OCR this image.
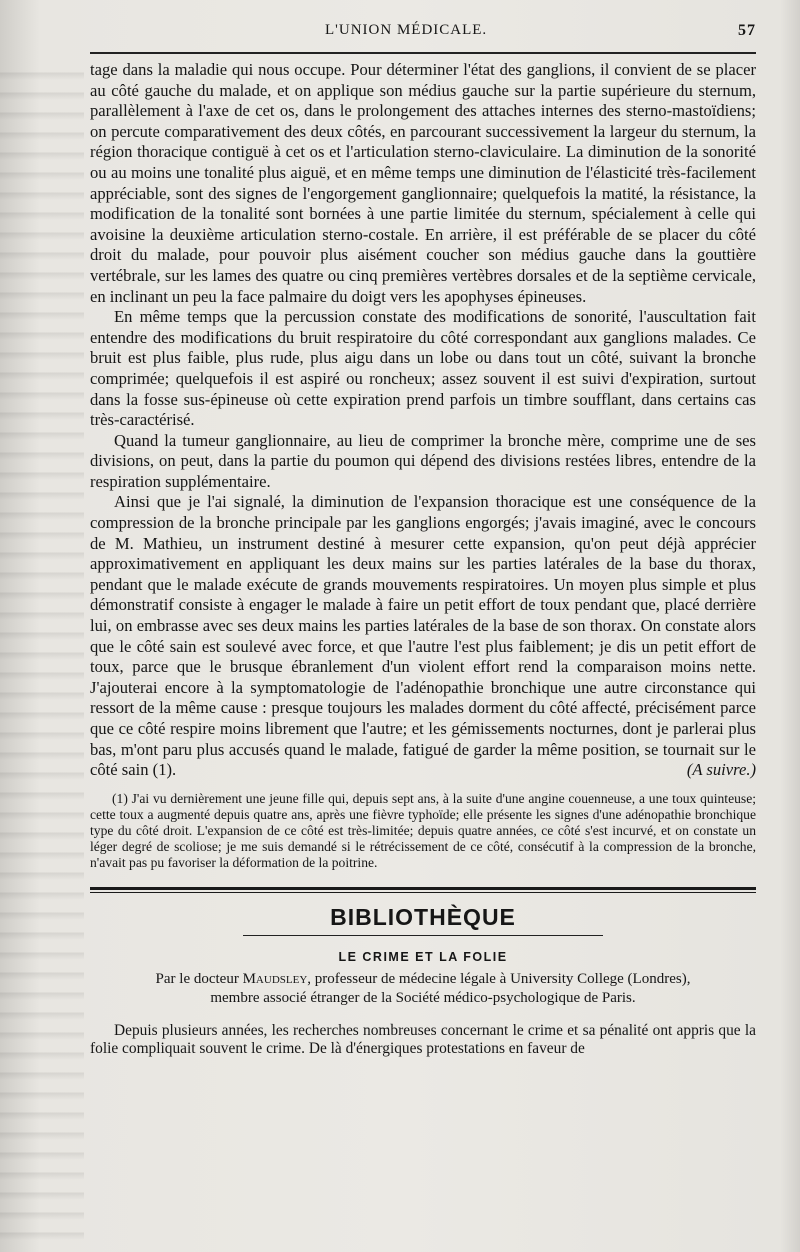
L'UNION MÉDICALE.	57

tage dans la maladie qui nous occupe. Pour déterminer l'état des ganglions, il convient de se placer au côté gauche du malade, et on applique son médius gauche sur la partie supérieure du sternum, parallèlement à l'axe de cet os, dans le prolongement des attaches internes des sterno-mastoïdiens; on percute comparativement des deux côtés, en parcourant successivement la largeur du sternum, la région thoracique contiguë à cet os et l'articulation sterno-claviculaire. La diminution de la sonorité ou au moins une tonalité plus aiguë, et en même temps une diminution de l'élasticité très-facilement appréciable, sont des signes de l'engorgement ganglionnaire; quelquefois la matité, la résistance, la modification de la tonalité sont bornées à une partie limitée du sternum, spécialement à celle qui avoisine la deuxième articulation sterno-costale. En arrière, il est préférable de se placer du côté droit du malade, pour pouvoir plus aisément coucher son médius gauche dans la gouttière vertébrale, sur les lames des quatre ou cinq premières vertèbres dorsales et de la septième cervicale, en inclinant un peu la face palmaire du doigt vers les apophyses épineuses.

En même temps que la percussion constate des modifications de sonorité, l'auscultation fait entendre des modifications du bruit respiratoire du côté correspondant aux ganglions malades. Ce bruit est plus faible, plus rude, plus aigu dans un lobe ou dans tout un côté, suivant la bronche comprimée; quelquefois il est aspiré ou roncheux; assez souvent il est suivi d'expiration, surtout dans la fosse sus-épineuse où cette expiration prend parfois un timbre soufflant, dans certains cas très-caractérisé.

Quand la tumeur ganglionnaire, au lieu de comprimer la bronche mère, comprime une de ses divisions, on peut, dans la partie du poumon qui dépend des divisions restées libres, entendre de la respiration supplémentaire.

Ainsi que je l'ai signalé, la diminution de l'expansion thoracique est une conséquence de la compression de la bronche principale par les ganglions engorgés; j'avais imaginé, avec le concours de M. Mathieu, un instrument destiné à mesurer cette expansion, qu'on peut déjà apprécier approximativement en appliquant les deux mains sur les parties latérales de la base du thorax, pendant que le malade exécute de grands mouvements respiratoires. Un moyen plus simple et plus démonstratif consiste à engager le malade à faire un petit effort de toux pendant que, placé derrière lui, on embrasse avec ses deux mains les parties latérales de la base de son thorax. On constate alors que le côté sain est soulevé avec force, et que l'autre l'est plus faiblement; je dis un petit effort de toux, parce que le brusque ébranlement d'un violent effort rend la comparaison moins nette. J'ajouterai encore à la symptomatologie de l'adénopathie bronchique une autre circonstance qui ressort de la même cause : presque toujours les malades dorment du côté affecté, précisément parce que ce côté respire moins librement que l'autre; et les gémissements nocturnes, dont je parlerai plus bas, m'ont paru plus accusés quand le malade, fatigué de garder la même position, se tournait sur le côté sain (1).	(A suivre.)

(1) J'ai vu dernièrement une jeune fille qui, depuis sept ans, à la suite d'une angine couenneuse, a une toux quinteuse; cette toux a augmenté depuis quatre ans, après une fièvre typhoïde; elle présente les signes d'une adénopathie bronchique type du côté droit. L'expansion de ce côté est très-limitée; depuis quatre années, ce côté s'est incurvé, et on constate un léger degré de scoliose; je me suis demandé si le rétrécissement de ce côté, consécutif à la compression de la bronche, n'avait pas pu favoriser la déformation de la poitrine.

BIBLIOTHÈQUE
LE CRIME ET LA FOLIE
Par le docteur Maudsley, professeur de médecine légale à University College (Londres),
membre associé étranger de la Société médico-psychologique de Paris.

Depuis plusieurs années, les recherches nombreuses concernant le crime et sa pénalité ont appris que la folie compliquait souvent le crime. De là d'énergiques protestations en faveur de
